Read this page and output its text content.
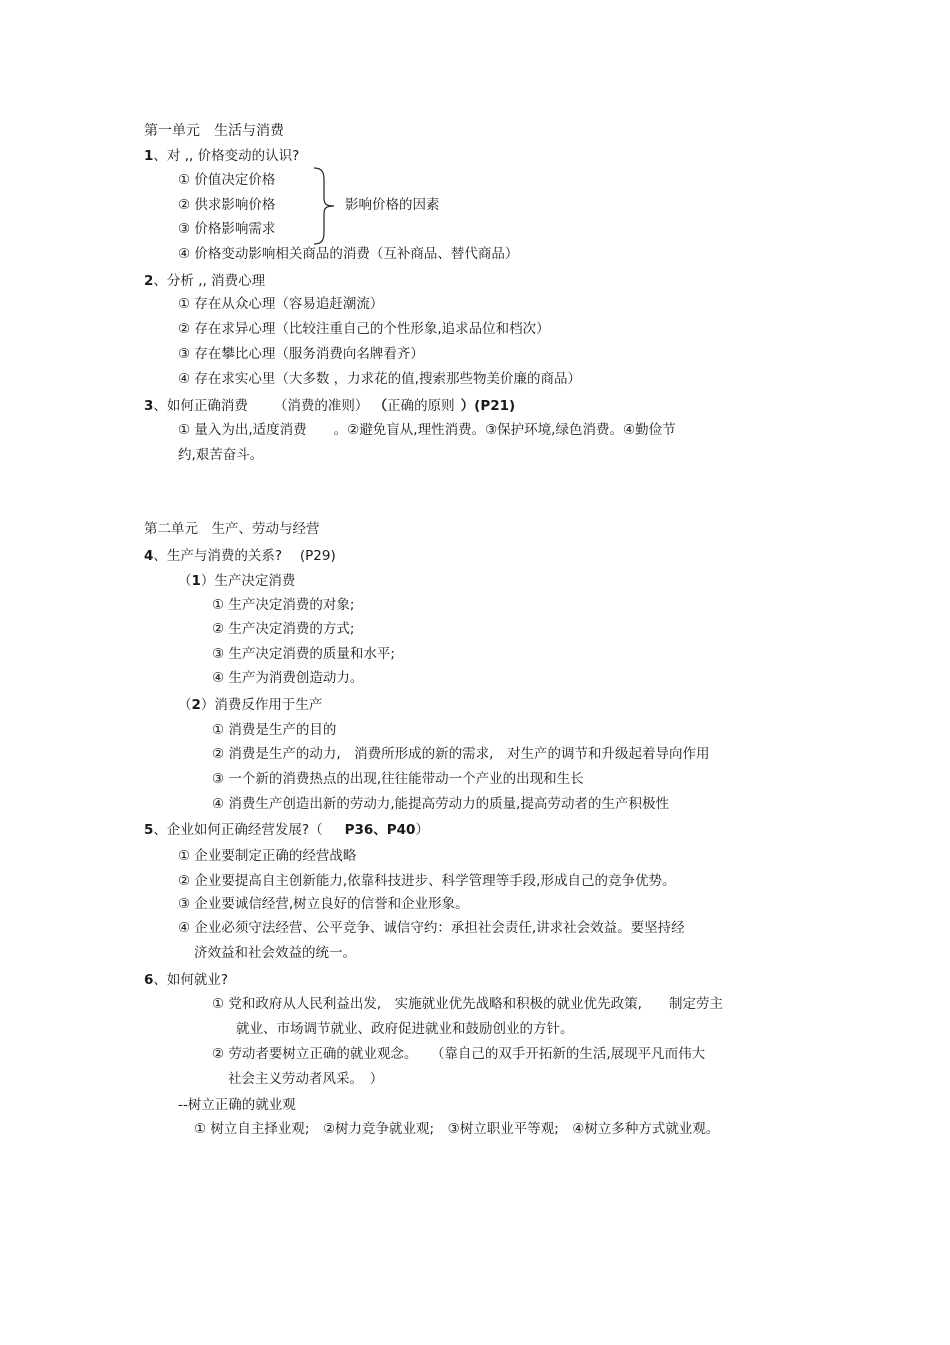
第一单元　生活与消费
1、对 ,, 价格变动的认识?
① 价值决定价格
② 供求影响价格
③ 价格影响需求
影响价格的因素
④ 价格变动影响相关商品的消费（互补商品、替代商品）
2、分析 ,, 消费心理
① 存在从众心理（容易追赶潮流）
② 存在求异心理（比较注重自己的个性形象,追求品位和档次）
③ 存在攀比心理（服务消费向名牌看齐）
④ 存在求实心里（大多数 ，力求花的值,搜索那些物美价廉的商品）
3、如何正确消费 （消费的准则） （正确的原则 ）(P21)
① 量入为出,适度消费　　。②避免盲从,理性消费。③保护环境,绿色消费。④勤俭节
约,艰苦奋斗。
第二单元　生产、劳动与经营
4、生产与消费的关系?　 (P29)
（1）生产决定消费
① 生产决定消费的对象;
② 生产决定消费的方式;
③ 生产决定消费的质量和水平;
④ 生产为消费创造动力。
（2）消费反作用于生产
① 消费是生产的目的
② 消费是生产的动力,　消费所形成的新的需求,　对生产的调节和升级起着导向作用
③ 一个新的消费热点的出现,往往能带动一个产业的出现和生长
④ 消费生产创造出新的劳动力,能提高劳动力的质量,提高劳动者的生产积极性
5、企业如何正确经营发展?（ P36、P40）
① 企业要制定正确的经营战略
② 企业要提高自主创新能力,依靠科技进步、科学管理等手段,形成自己的竞争优势。
③ 企业要诚信经营,树立良好的信誉和企业形象。
④ 企业必须守法经营、公平竞争、诚信守约：承担社会责任,讲求社会效益。要坚持经
济效益和社会效益的统一。
6、如何就业?
① 党和政府从人民利益出发,　实施就业优先战略和积极的就业优先政策,　　制定劳主
就业、市场调节就业、政府促进就业和鼓励创业的方针。
② 劳动者要树立正确的就业观念。　　（靠自己的双手开拓新的生活,展现平凡而伟大
社会主义劳动者风采。　）
--树立正确的就业观
① 树立自主择业观;　②树力竞争就业观;　③树立职业平等观;　④树立多种方式就业观。
